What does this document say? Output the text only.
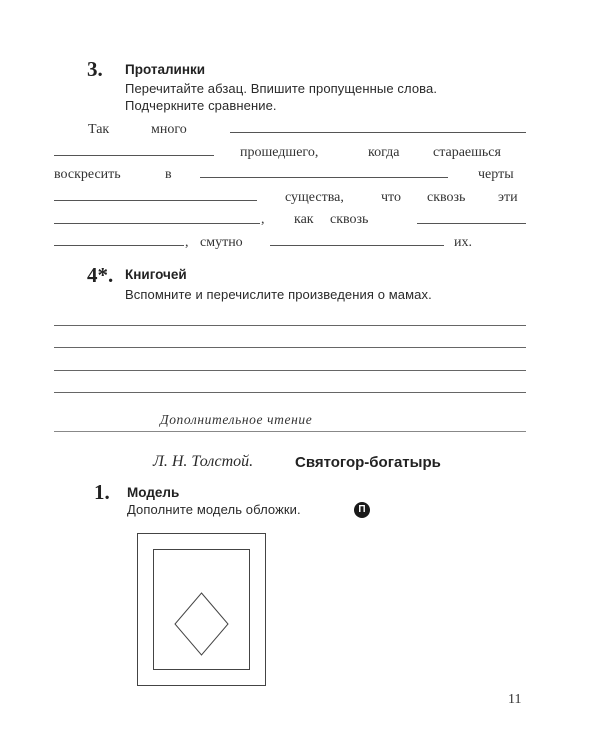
3. Проталинки
Перечитайте абзац. Впишите пропущенные слова.
Подчеркните сравнение.
Так	много
прошедшего,	когда стараешься
воскресить	в	черты
существа,	что сквозь эти
, как сквозь
, смутно	их.
4*. Книгочей
Вспомните и перечислите произведения о мамах.
Дополнительное чтение
Л. Н. Толстой.	Святогор-богатырь
1. Модель
Дополните модель обложки.	П
11
